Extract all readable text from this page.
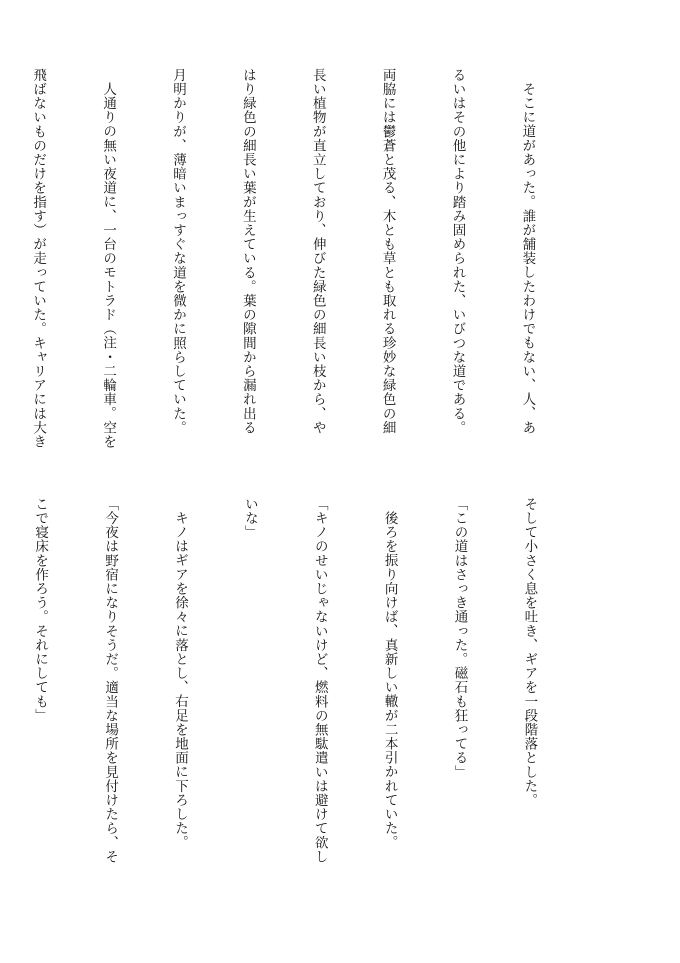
そこに道があった。誰が舗装したわけでもない、人、あ

るいはその他により踏み固められた、いびつな道である。

両脇には鬱蒼と茂る、木とも草とも取れる珍妙な緑色の細

長い植物が直立しており、伸びた緑色の細長い枝から、や

はり緑色の細長い葉が生えている。葉の隙間から漏れ出る

月明かりが、薄暗いまっすぐな道を微かに照らしていた。

人通りの無い夜道に、一台のモトラド（注・二輪車。空を

飛ばないものだけを指す）が走っていた。キャリアには大き

そして小さく息を吐き、ギアを一段階落とした。

「この道はさっき通った。磁石も狂ってる」

後ろを振り向けば、真新しい轍が二本引かれていた。

「キノのせいじゃないけど、燃料の無駄遣いは避けて欲し

いな」

キノはギアを徐々に落とし、右足を地面に下ろした。

「今夜は野宿になりそうだ。適当な場所を見付けたら、そ

こで寝床を作ろう。それにしても」
